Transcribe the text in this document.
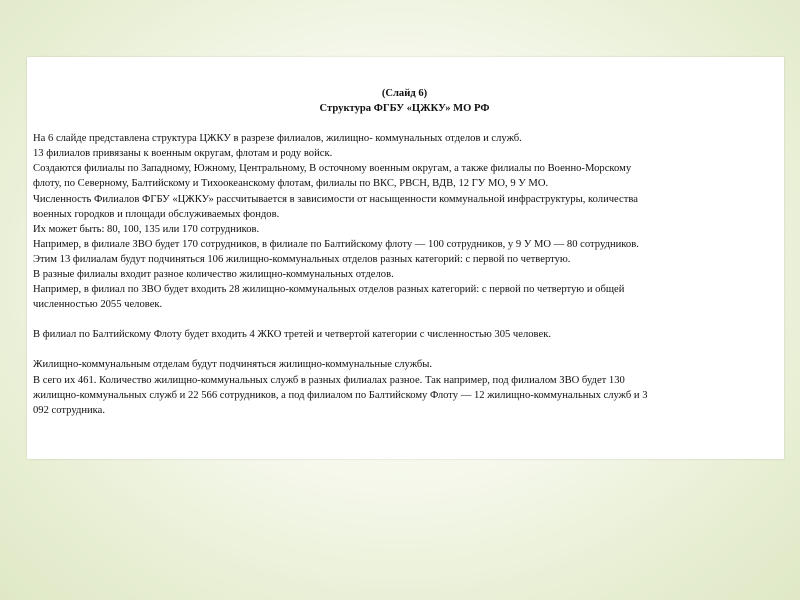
(Слайд 6)
Структура ФГБУ «ЦЖКУ» МО РФ
На 6 слайде представлена структура ЦЖКУ в разрезе филиалов, жилищно- коммунальных отделов и служб.
13 филиалов привязаны к военным округам, флотам и роду войск.
Создаются филиалы по Западному, Южному, Центральному, В осточному военным округам, а также филиалы по Военно-Морскому
флоту, по Северному, Балтийскому и Тихоокеанскому флотам, филиалы по ВКС, РВСН, ВДВ, 12 ГУ МО, 9 У МО.
Численность Филиалов ФГБУ «ЦЖКУ» рассчитывается в зависимости от насыщенности коммунальной инфраструктуры, количества
военных городков и площади обслуживаемых фондов.
Их может быть: 80, 100, 135 или 170 сотрудников.
Например, в филиале ЗВО будет 170 сотрудников, в филиале по Балтийскому флоту — 100 сотрудников, у 9 У МО — 80 сотрудников.
Этим 13 филиалам будут подчиняться 106 жилищно-коммунальных отделов разных категорий: с первой по четвертую.
В разные филиалы входит разное количество жилищно-коммунальных отделов.
Например, в филиал по ЗВО будет входить 28 жилищно-коммунальных отделов разных категорий: с первой по четвертую и общей
численностью 2055 человек.
В филиал по Балтийскому Флоту будет входить 4 ЖКО третей и четвертой категории с численностью 305 человек.
Жилищно-коммунальным отделам будут подчиняться жилищно-коммунальные службы.
В сего их 461. Количество жилищно-коммунальных служб в разных филиалах разное. Так например, под филиалом ЗВО будет 130
жилищно-коммунальных служб и 22 566 сотрудников, а под филиалом по Балтийскому Флоту — 12 жилищно-коммунальных служб и 3
092 сотрудника.
